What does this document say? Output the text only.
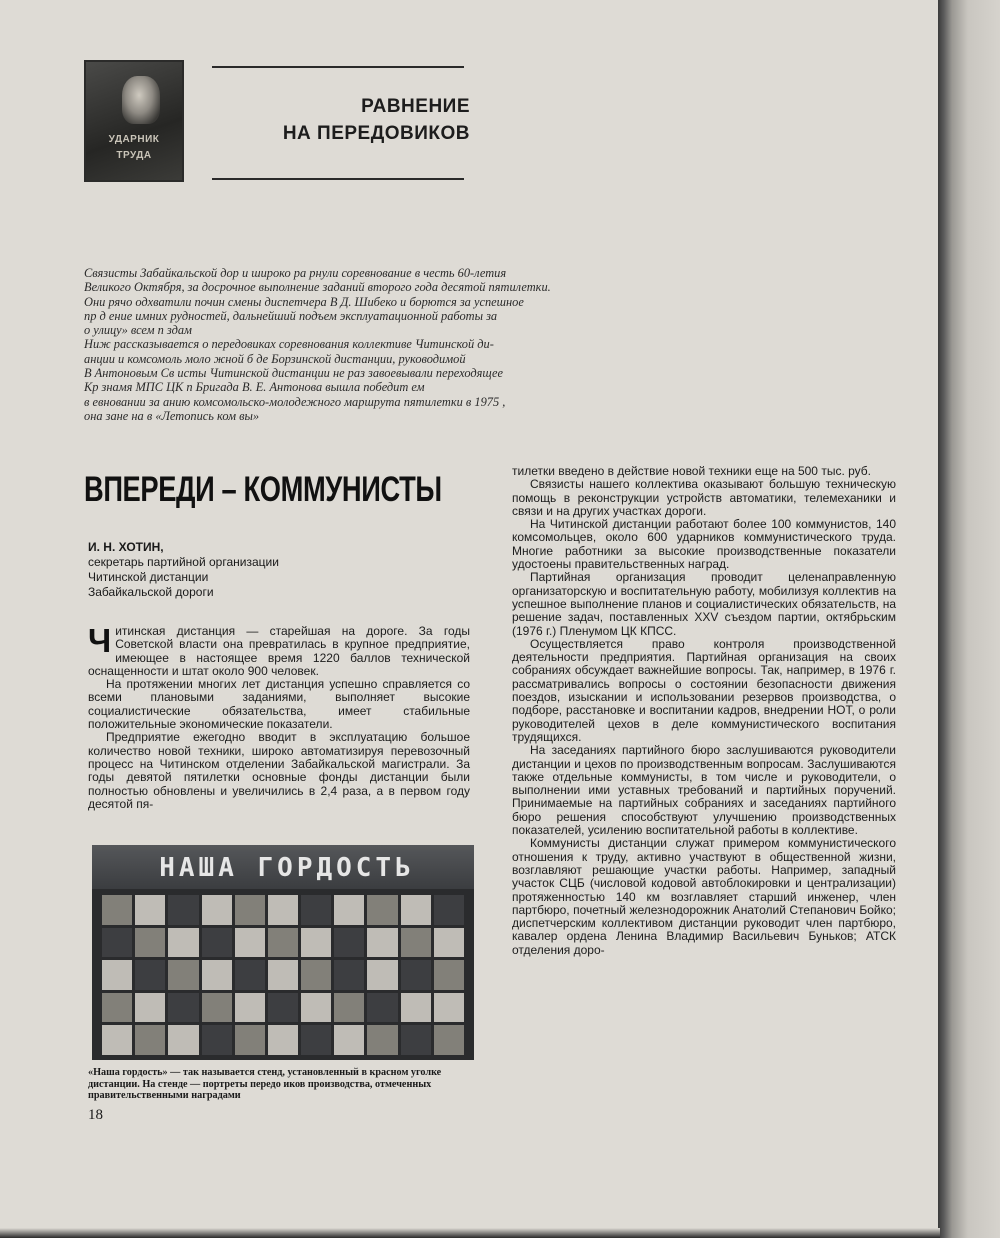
УДАРНИК
ТРУДА
РАВНЕНИЕ
НА ПЕРЕДОВИКОВ
Связисты Забайкальской дор и широко ра рнули соревнование в честь 60-летия
Великого Октября, за досрочное выполнение заданий второго года десятой пятилетки.
Они рячо одхватили почин смены диспетчера В Д. Шибеко и борются за успешное
пр д ение имних рудностей, дальнейший подъем эксплуатационной работы за
о улицу» всем п здам
Ниж рассказывается о передовиках соревнования коллективе Читинской ди-
анции и комсомоль моло жной б де Борзинской дистанции, руководимой
В Антоновым Св исты Читинской дистанции не раз завоевывали переходящее
Кр знамя МПС ЦК п Бригада В. Е. Антонова вышла победит ем
в евновании за анию комсомольско-молодежного маршрута пятилетки в 1975 ,
она зане на в «Летопись ком вы»
ВПЕРЕДИ – КОММУНИСТЫ
И. Н. ХОТИН,
секретарь партийной организации
Читинской дистанции
Забайкальской дороги

Читинская дистанция — старейшая на дороге. За годы Советской власти она превратилась в крупное предприятие, имеющее в настоящее время 1220 баллов технической оснащенности и штат около 900 человек.

На протяжении многих лет дистанция успешно справляется со всеми плановыми заданиями, выполняет высокие социалистические обязательства, имеет стабильные положительные экономические показатели.

Предприятие ежегодно вводит в эксплуатацию большое количество новой техники, широко автоматизируя перевозочный процесс на Читинском отделении Забайкальской магистрали. За годы девятой пятилетки основные фонды дистанции были полностью обновлены и увеличились в 2,4 раза, а в первом году десятой пя-

НАША ГОРДОСТЬ
«Наша гордость» — так называется стенд, установленный в красном уголке дистанции. На стенде — портреты передо иков производства, отмеченных правительственными наградами
18

тилетки введено в действие новой техники еще на 500 тыс. руб.

Связисты нашего коллектива оказывают большую техническую помощь в реконструкции устройств автоматики, телемеханики и связи и на других участках дороги.

На Читинской дистанции работают более 100 коммунистов, 140 комсомольцев, около 600 ударников коммунистического труда. Многие работники за высокие производственные показатели удостоены правительственных наград.

Партийная организация проводит целенаправленную организаторскую и воспитательную работу, мобилизуя коллектив на успешное выполнение планов и социалистических обязательств, на решение задач, поставленных XXV съездом партии, октябрьским (1976 г.) Пленумом ЦК КПСС.

Осуществляется право контроля производственной деятельности предприятия. Партийная организация на своих собраниях обсуждает важнейшие вопросы. Так, например, в 1976 г. рассматривались вопросы о состоянии безопасности движения поездов, изыскании и использовании резервов производства, о подборе, расстановке и воспитании кадров, внедрении НОТ, о роли руководителей цехов в деле коммунистического воспитания трудящихся.

На заседаниях партийного бюро заслушиваются руководители дистанции и цехов по производственным вопросам. Заслушиваются также отдельные коммунисты, в том числе и руководители, о выполнении ими уставных требований и партийных поручений. Принимаемые на партийных собраниях и заседаниях партийного бюро решения способствуют улучшению производственных показателей, усилению воспитательной работы в коллективе.

Коммунисты дистанции служат примером коммунистического отношения к труду, активно участвуют в общественной жизни, возглавляют решающие участки работы. Например, западный участок СЦБ (числовой кодовой автоблокировки и централизации) протяженностью 140 км возглавляет старший инженер, член партбюро, почетный железнодорожник Анатолий Степанович Бойко; диспетчерским коллективом дистанции руководит член партбюро, кавалер ордена Ленина Владимир Васильевич Буньков; АТСК отделения доро-
